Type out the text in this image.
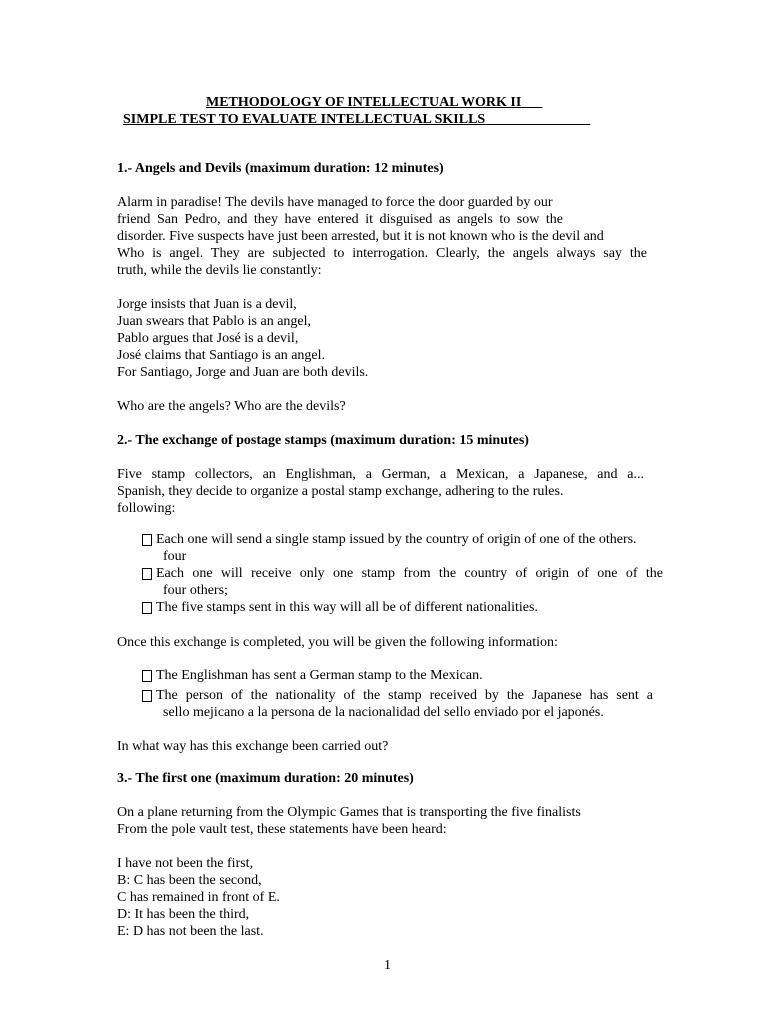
METHODOLOGY OF INTELLECTUAL WORK II
SIMPLE TEST TO EVALUATE INTELLECTUAL SKILLS
1.- Angels and Devils (maximum duration: 12 minutes)
Alarm in paradise! The devils have managed to force the door guarded by our
friend San Pedro, and they have entered it disguised as angels to sow the
disorder. Five suspects have just been arrested, but it is not known who is the devil and
Who is angel. They are subjected to interrogation. Clearly, the angels always say the
truth, while the devils lie constantly:
Jorge insists that Juan is a devil,
Juan swears that Pablo is an angel,
Pablo argues that José is a devil,
José claims that Santiago is an angel.
For Santiago, Jorge and Juan are both devils.
Who are the angels? Who are the devils?
2.- The exchange of postage stamps (maximum duration: 15 minutes)
Five stamp collectors, an Englishman, a German, a Mexican, a Japanese, and a...
Spanish, they decide to organize a postal stamp exchange, adhering to the rules.
following:
Each one will send a single stamp issued by the country of origin of one of the others.
four
Each one will receive only one stamp from the country of origin of one of the
four others;
The five stamps sent in this way will all be of different nationalities.
Once this exchange is completed, you will be given the following information:
The Englishman has sent a German stamp to the Mexican.
The person of the nationality of the stamp received by the Japanese has sent a
sello mejicano a la persona de la nacionalidad del sello enviado por el japonés.
In what way has this exchange been carried out?
3.- The first one (maximum duration: 20 minutes)
On a plane returning from the Olympic Games that is transporting the five finalists
From the pole vault test, these statements have been heard:
I have not been the first,
B: C has been the second,
C has remained in front of E.
D: It has been the third,
E: D has not been the last.
1
